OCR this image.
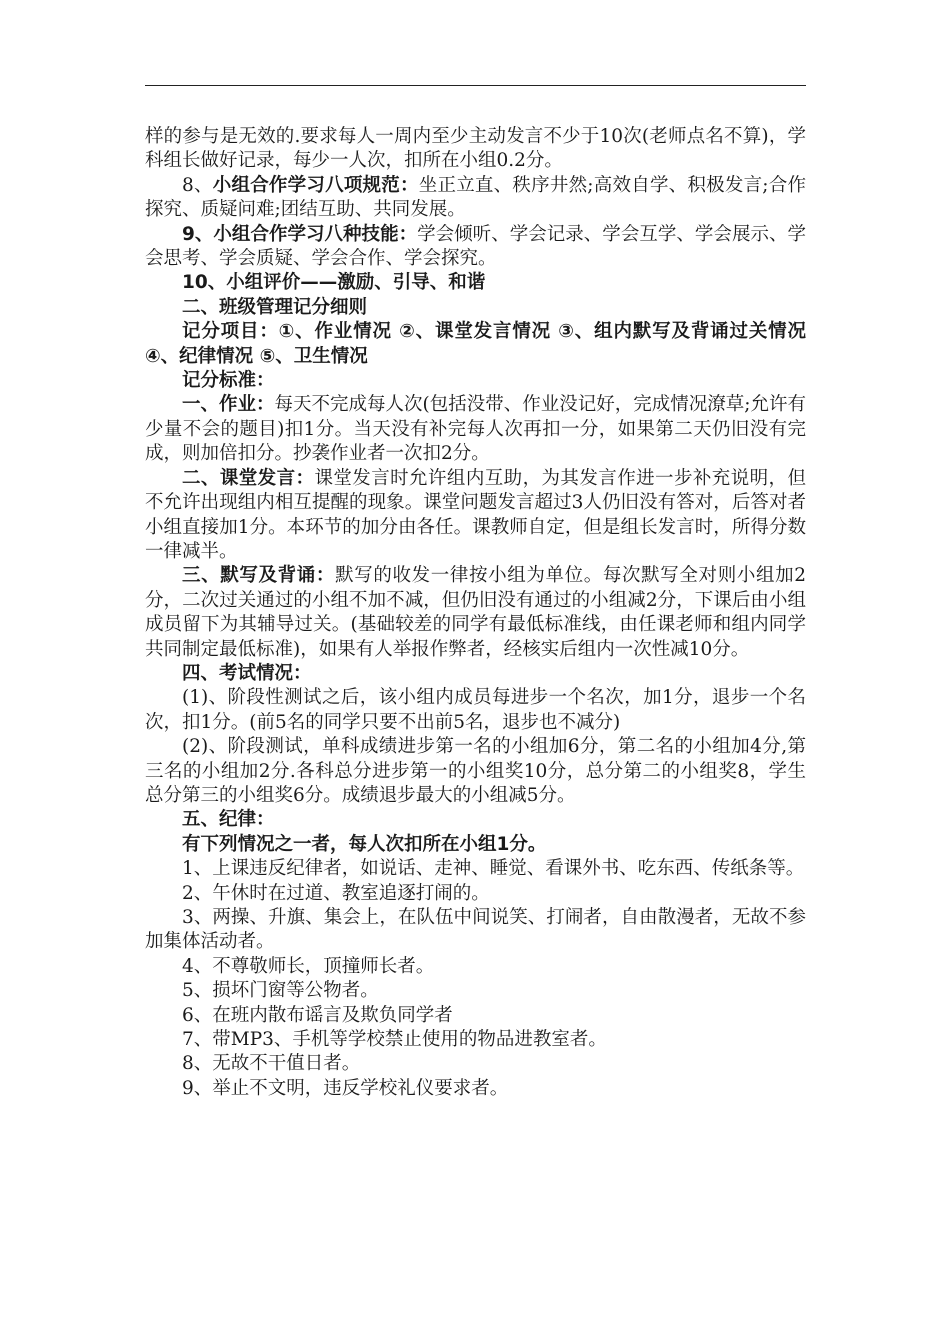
样的参与是无效的.要求每人一周内至少主动发言不少于10次(老师点名不算)，学科组长做好记录，每少一人次，扣所在小组0.2分。

8、小组合作学习八项规范：坐正立直、秩序井然;高效自学、积极发言;合作探究、质疑问难;团结互助、共同发展。

9、小组合作学习八种技能：学会倾听、学会记录、学会互学、学会展示、学会思考、学会质疑、学会合作、学会探究。

10、小组评价——激励、引导、和谐

二、班级管理记分细则

记分项目：①、作业情况 ②、课堂发言情况 ③、组内默写及背诵过关情况 ④、纪律情况 ⑤、卫生情况

记分标准：

一、作业：每天不完成每人次(包括没带、作业没记好，完成情况潦草;允许有少量不会的题目)扣1分。当天没有补完每人次再扣一分，如果第二天仍旧没有完成，则加倍扣分。抄袭作业者一次扣2分。

二、课堂发言：课堂发言时允许组内互助，为其发言作进一步补充说明，但不允许出现组内相互提醒的现象。课堂问题发言超过3人仍旧没有答对，后答对者小组直接加1分。本环节的加分由各任。课教师自定，但是组长发言时，所得分数一律减半。

三、默写及背诵：默写的收发一律按小组为单位。每次默写全对则小组加2分，二次过关通过的小组不加不减，但仍旧没有通过的小组减2分，下课后由小组成员留下为其辅导过关。(基础较差的同学有最低标准线，由任课老师和组内同学共同制定最低标准)，如果有人举报作弊者，经核实后组内一次性减10分。

四、考试情况：

(1)、阶段性测试之后，该小组内成员每进步一个名次，加1分，退步一个名次，扣1分。(前5名的同学只要不出前5名，退步也不减分)

(2)、阶段测试，单科成绩进步第一名的小组加6分，第二名的小组加4分,第三名的小组加2分.各科总分进步第一的小组奖10分，总分第二的小组奖8，学生总分第三的小组奖6分。成绩退步最大的小组减5分。

五、纪律：

有下列情况之一者，每人次扣所在小组1分。

1、上课违反纪律者，如说话、走神、睡觉、看课外书、吃东西、传纸条等。

2、午休时在过道、教室追逐打闹的。

3、两操、升旗、集会上，在队伍中间说笑、打闹者，自由散漫者，无故不参加集体活动者。

4、不尊敬师长，顶撞师长者。

5、损坏门窗等公物者。

6、在班内散布谣言及欺负同学者

7、带MP3、手机等学校禁止使用的物品进教室者。

8、无故不干值日者。

9、举止不文明，违反学校礼仪要求者。
